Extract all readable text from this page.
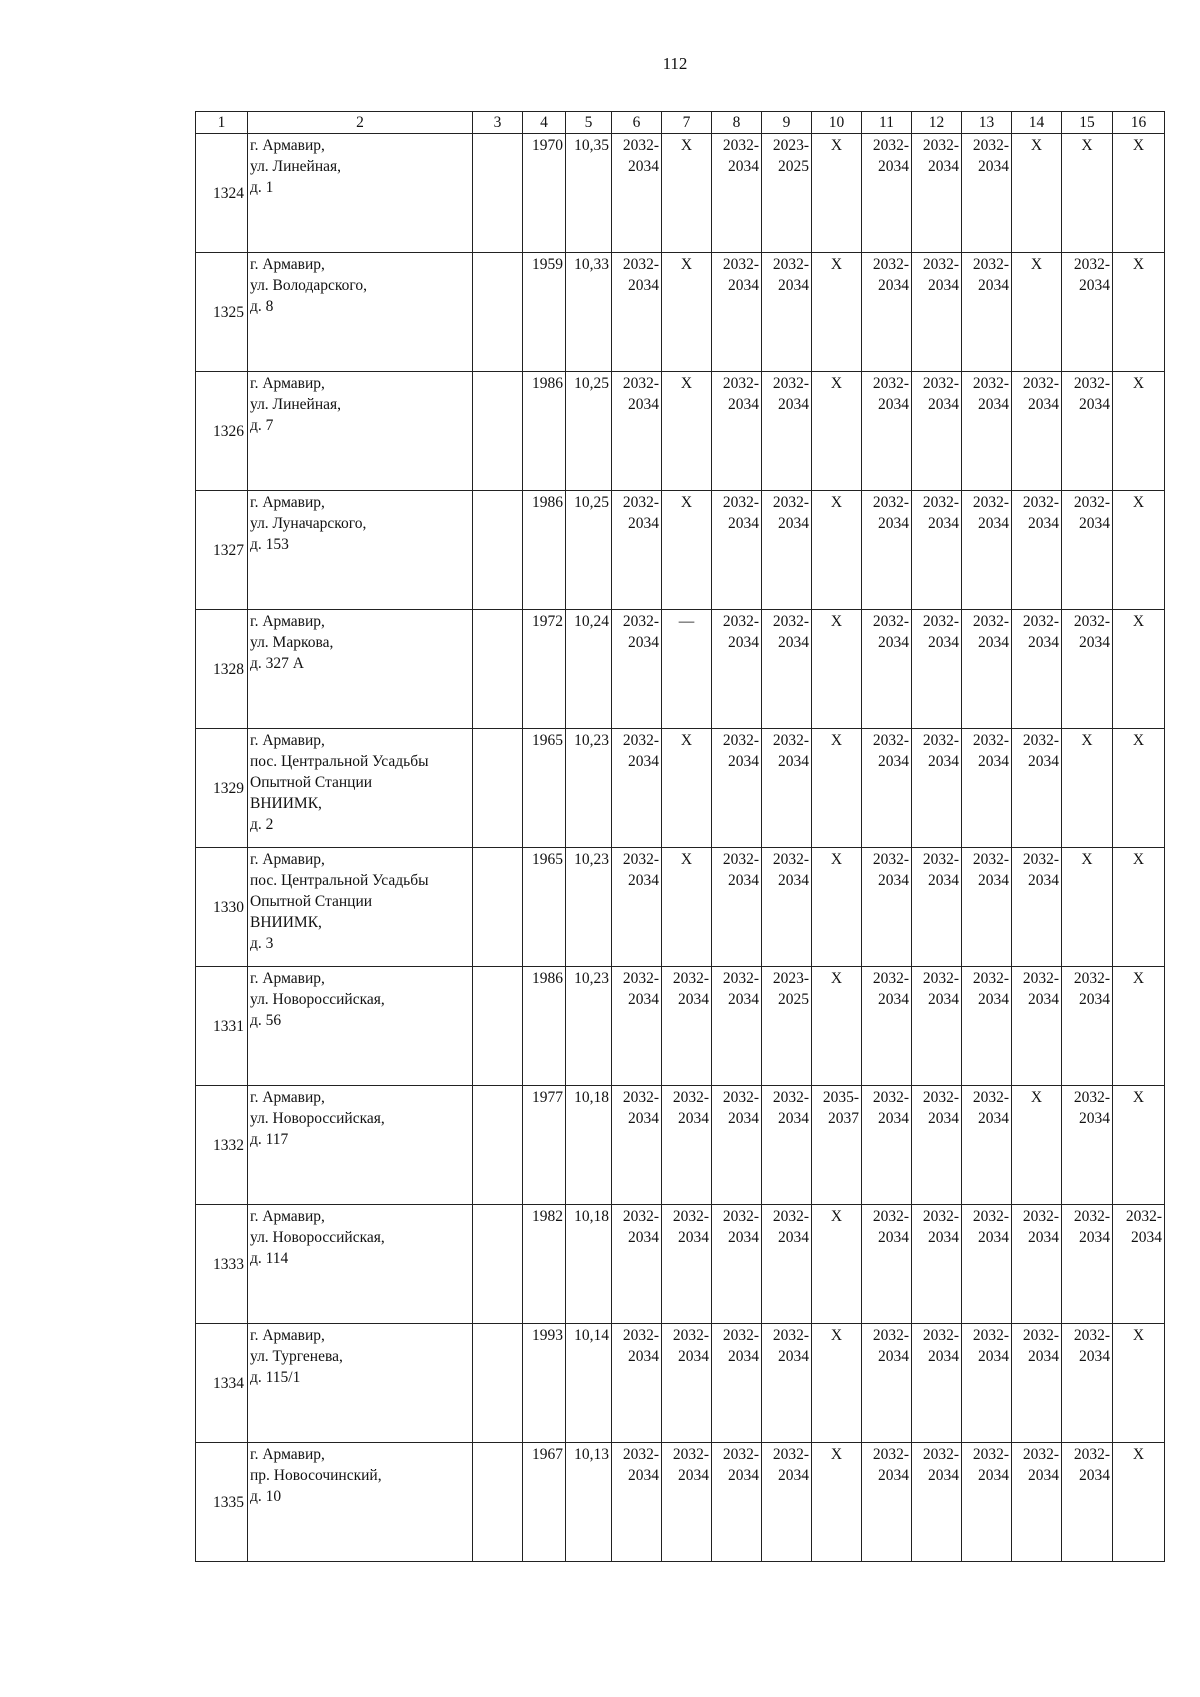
112
1	2	3	4	5	6	7	8	9	10	11	12	13	14	15	16
1324	г. Армавир,
ул. Линейная,
д. 1		1970	10,35	2032-
2034	Х	2032-
2034	2023-
2025	Х	2032-
2034	2032-
2034	2032-
2034	Х	Х	Х

1325	г. Армавир,
ул. Володарского,
д. 8		1959	10,33	2032-
2034	Х	2032-
2034	2032-
2034	Х	2032-
2034	2032-
2034	2032-
2034	Х	2032-
2034	Х

1326	г. Армавир,
ул. Линейная,
д. 7		1986	10,25	2032-
2034	Х	2032-
2034	2032-
2034	Х	2032-
2034	2032-
2034	2032-
2034	2032-
2034	2032-
2034	Х

1327	г. Армавир,
ул. Луначарского,
д. 153		1986	10,25	2032-
2034	Х	2032-
2034	2032-
2034	Х	2032-
2034	2032-
2034	2032-
2034	2032-
2034	2032-
2034	Х

1328	г. Армавир,
ул. Маркова,
д. 327 А		1972	10,24	2032-
2034	—	2032-
2034	2032-
2034	Х	2032-
2034	2032-
2034	2032-
2034	2032-
2034	2032-
2034	Х

1329	г. Армавир,
пос. Центральной Усадьбы
Опытной Станции
ВНИИМК,
д. 2		1965	10,23	2032-
2034	Х	2032-
2034	2032-
2034	Х	2032-
2034	2032-
2034	2032-
2034	2032-
2034	Х	Х

1330	г. Армавир,
пос. Центральной Усадьбы
Опытной Станции
ВНИИМК,
д. 3		1965	10,23	2032-
2034	Х	2032-
2034	2032-
2034	Х	2032-
2034	2032-
2034	2032-
2034	2032-
2034	Х	Х

1331	г. Армавир,
ул. Новороссийская,
д. 56		1986	10,23	2032-
2034	2032-
2034	2032-
2034	2023-
2025	Х	2032-
2034	2032-
2034	2032-
2034	2032-
2034	2032-
2034	Х

1332	г. Армавир,
ул. Новороссийская,
д. 117		1977	10,18	2032-
2034	2032-
2034	2032-
2034	2032-
2034	2035-
2037	2032-
2034	2032-
2034	2032-
2034	Х	2032-
2034	Х

1333	г. Армавир,
ул. Новороссийская,
д. 114		1982	10,18	2032-
2034	2032-
2034	2032-
2034	2032-
2034	Х	2032-
2034	2032-
2034	2032-
2034	2032-
2034	2032-
2034	2032-
2034

1334	г. Армавир,
ул. Тургенева,
д. 115/1		1993	10,14	2032-
2034	2032-
2034	2032-
2034	2032-
2034	Х	2032-
2034	2032-
2034	2032-
2034	2032-
2034	2032-
2034	Х

1335	г. Армавир,
пр. Новосочинский,
д. 10		1967	10,13	2032-
2034	2032-
2034	2032-
2034	2032-
2034	Х	2032-
2034	2032-
2034	2032-
2034	2032-
2034	2032-
2034	Х
